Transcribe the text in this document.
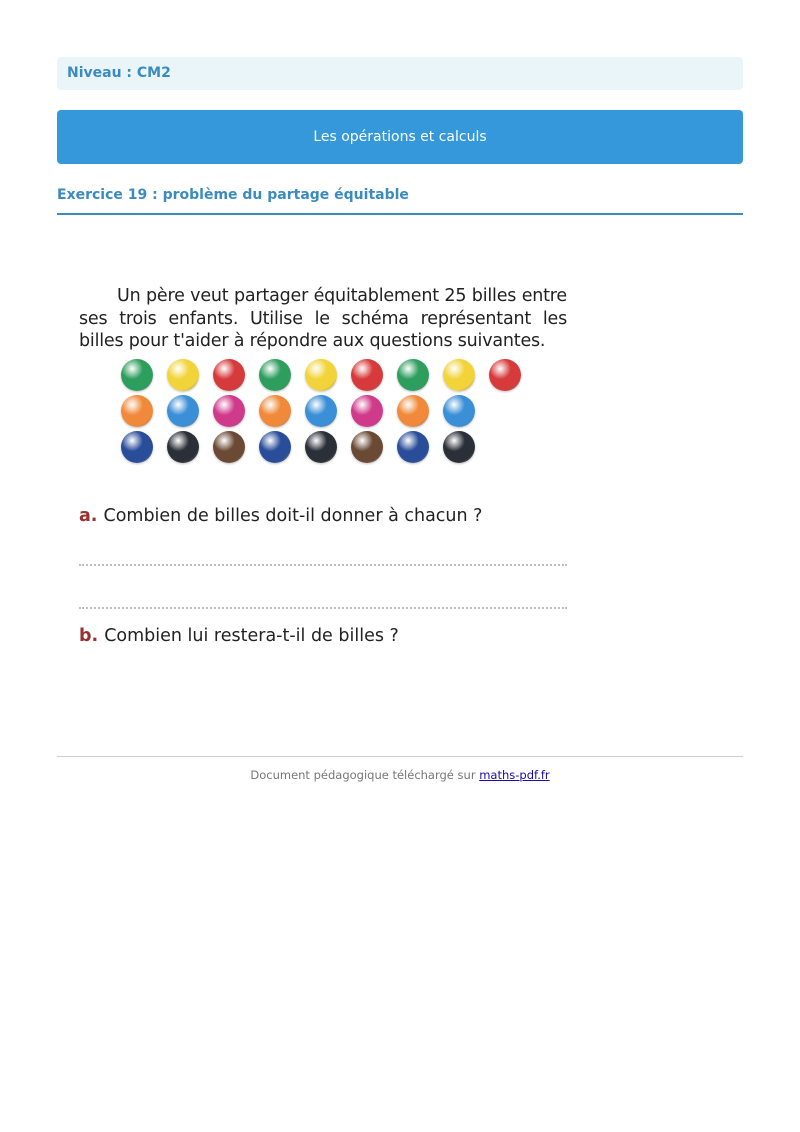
Niveau : CM2
Les opérations et calculs
Exercice 19 : problème du partage équitable

Un père veut partager équitablement 25 billes entre ses trois enfants. Utilise le schéma représentant les billes pour t'aider à répondre aux questions suivantes.

a. Combien de billes doit-il donner à chacun ?

b. Combien lui restera-t-il de billes ?

Document pédagogique téléchargé sur maths-pdf.fr
